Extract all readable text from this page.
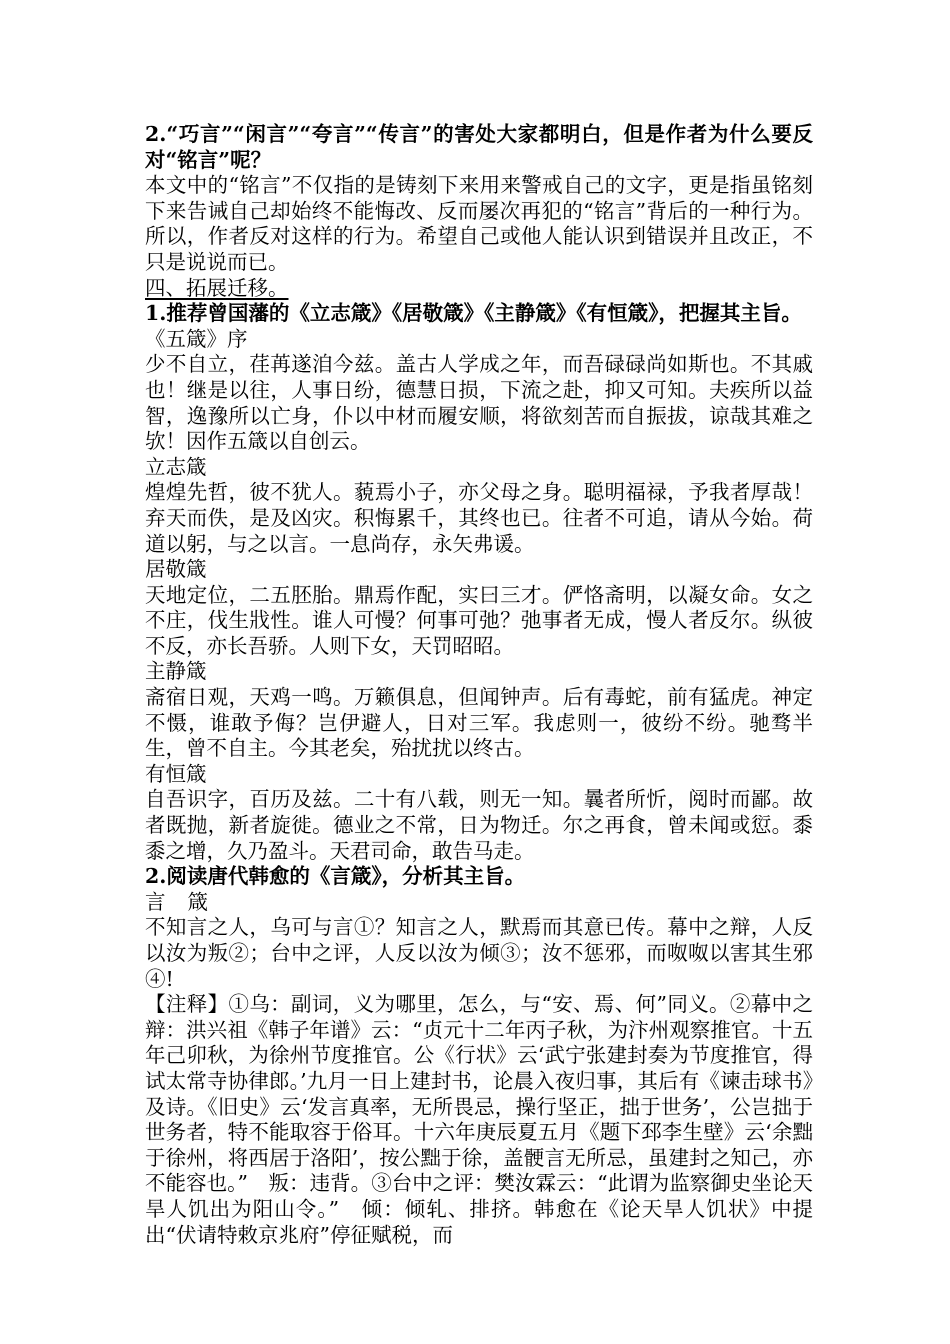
2.“巧言”“闲言”“夸言”“传言”的害处大家都明白，但是作者为什么要反对“铭言”呢？

本文中的“铭言”不仅指的是铸刻下来用来警戒自己的文字，更是指虽铭刻下来告诫自己却始终不能悔改、反而屡次再犯的“铭言”背后的一种行为。所以，作者反对这样的行为。希望自己或他人能认识到错误并且改正，不只是说说而已。

四、拓展迁移。

1.推荐曾国藩的《立志箴》《居敬箴》《主静箴》《有恒箴》，把握其主旨。

《五箴》序

少不自立，荏苒遂洎今兹。盖古人学成之年，而吾碌碌尚如斯也。不其戚也！继是以往，人事日纷，德慧日损，下流之赴，抑又可知。夫疾所以益智，逸豫所以亡身，仆以中材而履安顺，将欲刻苦而自振拔，谅哉其难之欤！因作五箴以自创云。

立志箴

煌煌先哲，彼不犹人。藐焉小子，亦父母之身。聪明福禄，予我者厚哉！弃天而佚，是及凶灾。积悔累千，其终也已。往者不可追，请从今始。荷道以躬，与之以言。一息尚存，永矢弗谖。

居敬箴

天地定位，二五胚胎。鼎焉作配，实曰三才。俨恪斋明，以凝女命。女之不庄，伐生戕性。谁人可慢？何事可弛？弛事者无成，慢人者反尔。纵彼不反，亦长吾骄。人则下女，天罚昭昭。

主静箴

斋宿日观，天鸡一鸣。万籁俱息，但闻钟声。后有毒蛇，前有猛虎。神定不慑，谁敢予侮？岂伊避人，日对三军。我虑则一，彼纷不纷。驰骛半生，曾不自主。今其老矣，殆扰扰以终古。

有恒箴

自吾识字，百历及兹。二十有八载，则无一知。曩者所忻，阅时而鄙。故者既抛，新者旋徙。德业之不常，日为物迁。尔之再食，曾未闻或愆。黍黍之增，久乃盈斗。天君司命，敢告马走。

2.阅读唐代韩愈的《言箴》，分析其主旨。

言 箴

不知言之人，乌可与言①？知言之人，默焉而其意已传。幕中之辩，人反以汝为叛②；台中之评，人反以汝为倾③；汝不惩邪，而呶呶以害其生邪④!

【注释】①乌：副词，义为哪里，怎么，与“安、焉、何”同义。②幕中之辩：洪兴祖《韩子年谱》云：“贞元十二年丙子秋，为汴州观察推官。十五年己卯秋，为徐州节度推官。公《行状》云‘武宁张建封奏为节度推官，得试太常寺协律郎。’九月一日上建封书，论晨入夜归事，其后有《谏击球书》及诗。《旧史》云‘发言真率，无所畏忌，操行坚正，拙于世务’，公岂拙于世务者，特不能取容于俗耳。十六年庚辰夏五月《题下邳李生壁》云‘余黜于徐州，将西居于洛阳’，按公黜于徐，盖骾言无所忌，虽建封之知己，亦不能容也。”　叛：违背。③台中之评：樊汝霖云：“此谓为监察御史坐论天旱人饥出为阳山令。”　倾：倾轧、排挤。韩愈在《论天旱人饥状》中提出“伏请特敕京兆府”停征赋税，而
